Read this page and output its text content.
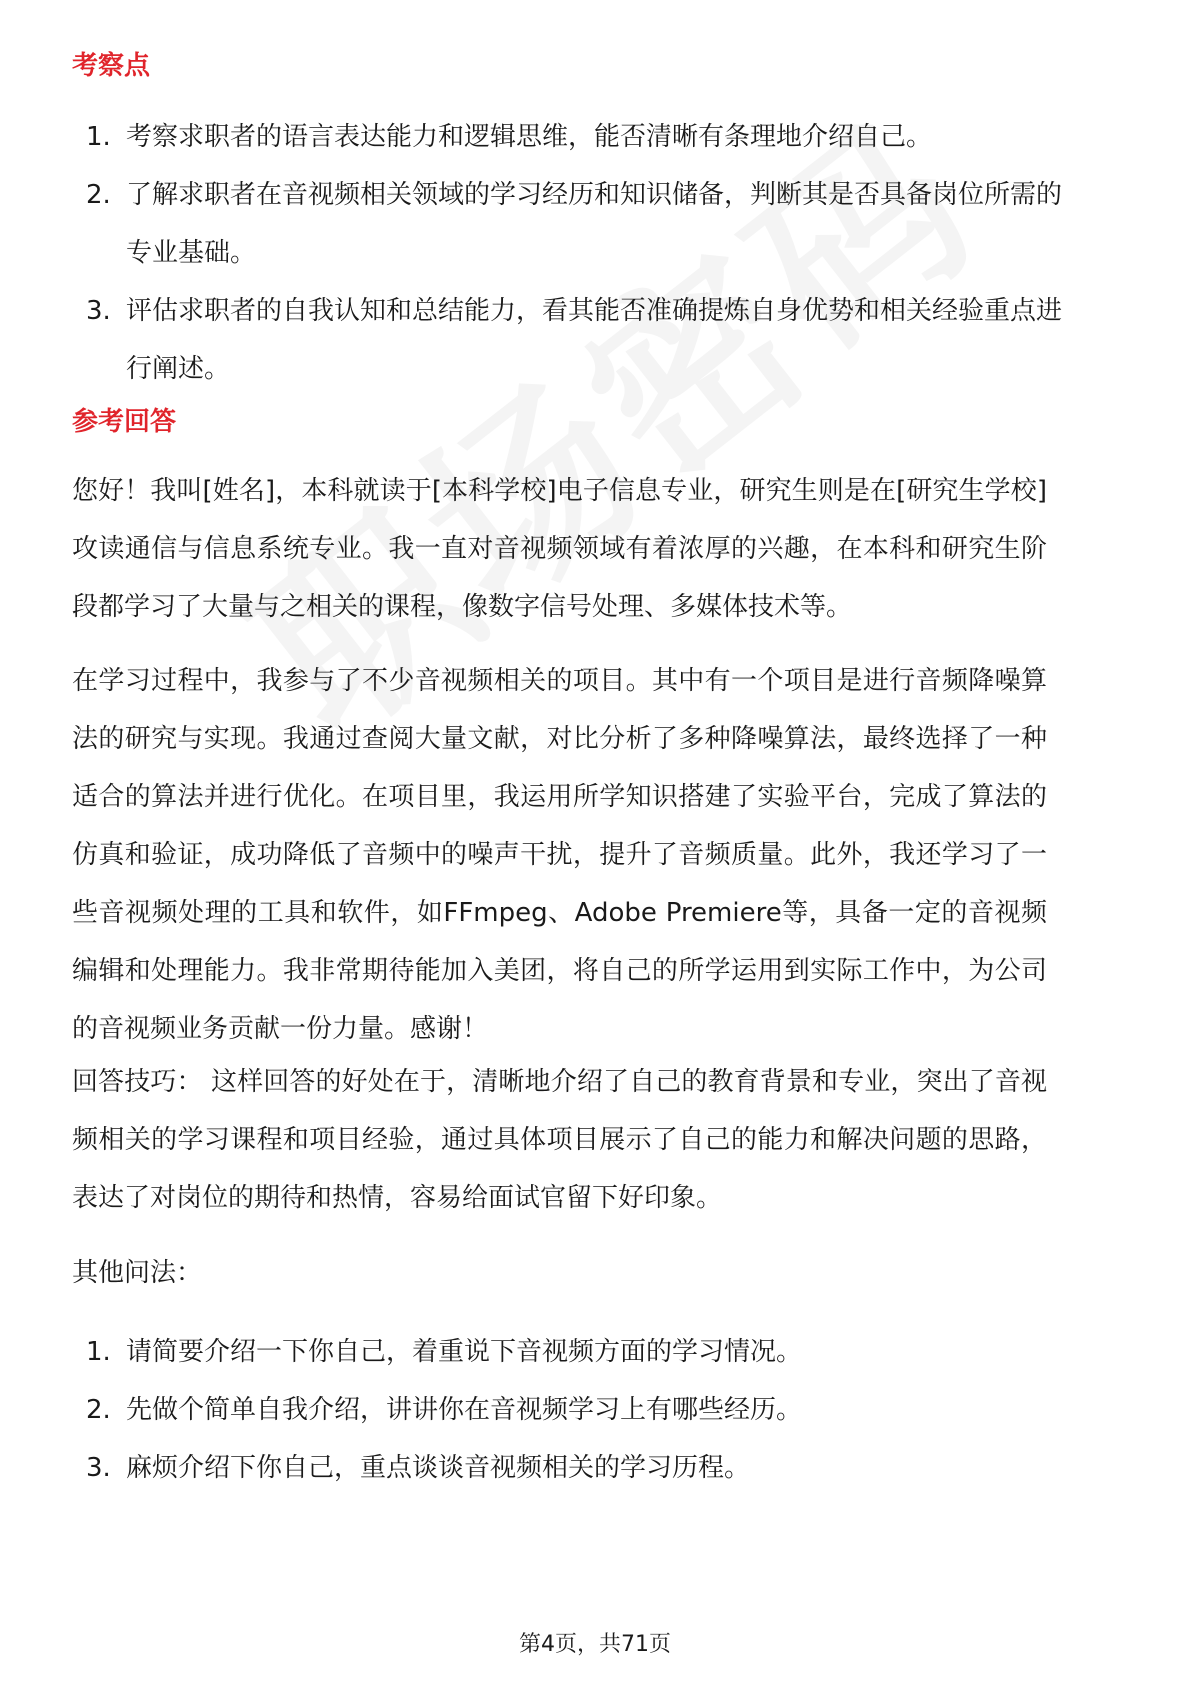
考察点
1. 考察求职者的语言表达能力和逻辑思维，能否清晰有条理地介绍自己。
2. 了解求职者在音视频相关领域的学习经历和知识储备，判断其是否具备岗位所需的专业基础。
3. 评估求职者的自我认知和总结能力，看其能否准确提炼自身优势和相关经验重点进行阐述。
参考回答

您好！我叫[姓名]，本科就读于[本科学校]电子信息专业，研究生则是在[研究生学校]攻读通信与信息系统专业。我一直对音视频领域有着浓厚的兴趣，在本科和研究生阶段都学习了大量与之相关的课程，像数字信号处理、多媒体技术等。

在学习过程中，我参与了不少音视频相关的项目。其中有一个项目是进行音频降噪算法的研究与实现。我通过查阅大量文献，对比分析了多种降噪算法，最终选择了一种适合的算法并进行优化。在项目里，我运用所学知识搭建了实验平台，完成了算法的仿真和验证，成功降低了音频中的噪声干扰，提升了音频质量。此外，我还学习了一些音视频处理的工具和软件，如FFmpeg、Adobe Premiere等，具备一定的音视频编辑和处理能力。我非常期待能加入美团，将自己的所学运用到实际工作中，为公司的音视频业务贡献一份力量。感谢！

回答技巧： 这样回答的好处在于，清晰地介绍了自己的教育背景和专业，突出了音视频相关的学习课程和项目经验，通过具体项目展示了自己的能力和解决问题的思路，表达了对岗位的期待和热情，容易给面试官留下好印象。

其他问法：

1. 请简要介绍一下你自己，着重说下音视频方面的学习情况。
2. 先做个简单自我介绍，讲讲你在音视频学习上有哪些经历。
3. 麻烦介绍下你自己，重点谈谈音视频相关的学习历程。
第4页，共71页
